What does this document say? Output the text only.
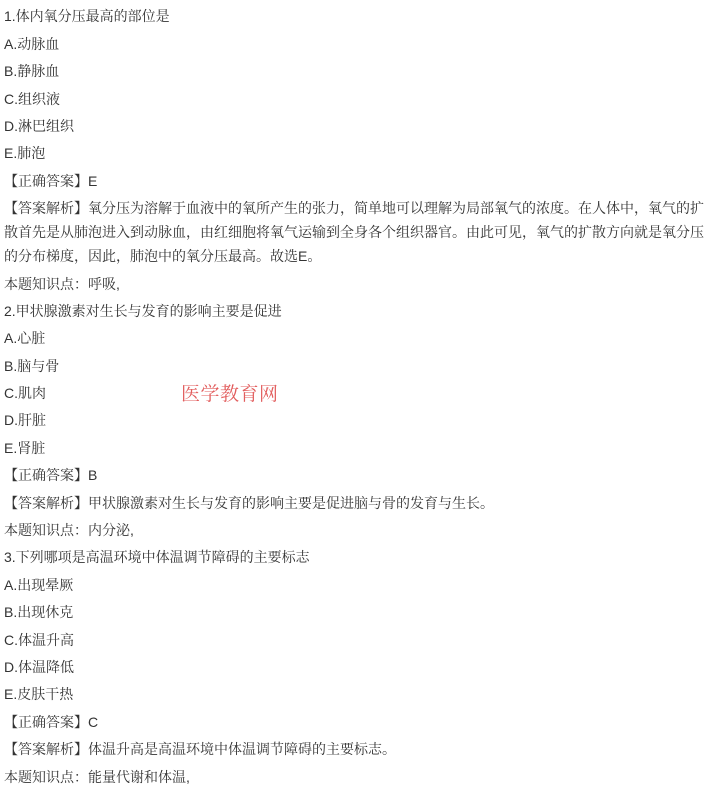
1.体内氧分压最高的部位是

A.动脉血

B.静脉血

C.组织液

D.淋巴组织

E.肺泡

【正确答案】E

【答案解析】氧分压为溶解于血液中的氧所产生的张力，简单地可以理解为局部氧气的浓度。在人体中，氧气的扩散首先是从肺泡进入到动脉血，由红细胞将氧气运输到全身各个组织器官。由此可见，氧气的扩散方向就是氧分压的分布梯度，因此，肺泡中的氧分压最高。故选E。

本题知识点：呼吸,

2.甲状腺激素对生长与发育的影响主要是促进

A.心脏

B.脑与骨

C.肌肉

D.肝脏

E.肾脏

【正确答案】B

【答案解析】甲状腺激素对生长与发育的影响主要是促进脑与骨的发育与生长。

本题知识点：内分泌,

3.下列哪项是高温环境中体温调节障碍的主要标志

A.出现晕厥

B.出现休克

C.体温升高

D.体温降低

E.皮肤干热

【正确答案】C

【答案解析】体温升高是高温环境中体温调节障碍的主要标志。

本题知识点：能量代谢和体温,

医学教育网
